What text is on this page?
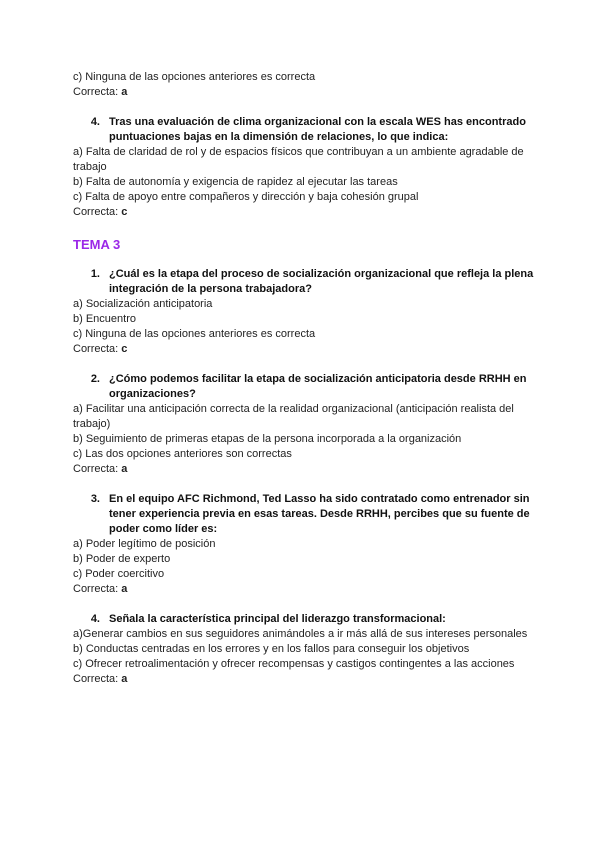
c) Ninguna de las opciones anteriores es correcta

Correcta: a

4. Tras una evaluación de clima organizacional con la escala WES has encontrado puntuaciones bajas en la dimensión de relaciones, lo que indica:

a) Falta de claridad de rol y de espacios físicos que contribuyan a un ambiente agradable de trabajo

b) Falta de autonomía y exigencia de rapidez al ejecutar las tareas

c) Falta de apoyo entre compañeros y dirección y baja cohesión grupal

Correcta: c

TEMA 3

1. ¿Cuál es la etapa del proceso de socialización organizacional que refleja la plena integración de la persona trabajadora?

a) Socialización anticipatoria

b) Encuentro

c) Ninguna de las opciones anteriores es correcta

Correcta: c

2. ¿Cómo podemos facilitar la etapa de socialización anticipatoria desde RRHH en organizaciones?

a) Facilitar una anticipación correcta de la realidad organizacional (anticipación realista del trabajo)

b) Seguimiento de primeras etapas de la persona incorporada a la organización

c) Las dos opciones anteriores son correctas

Correcta: a

3. En el equipo AFC Richmond, Ted Lasso ha sido contratado como entrenador sin tener experiencia previa en esas tareas. Desde RRHH, percibes que su fuente de poder como líder es:

a) Poder legítimo de posición

b) Poder de experto

c) Poder coercitivo

Correcta: a

4. Señala la característica principal del liderazgo transformacional:

a)Generar cambios en sus seguidores animándoles a ir más allá de sus intereses personales

b) Conductas centradas en los errores y en los fallos para conseguir los objetivos

c) Ofrecer retroalimentación y ofrecer recompensas y castigos contingentes a las acciones

Correcta: a
